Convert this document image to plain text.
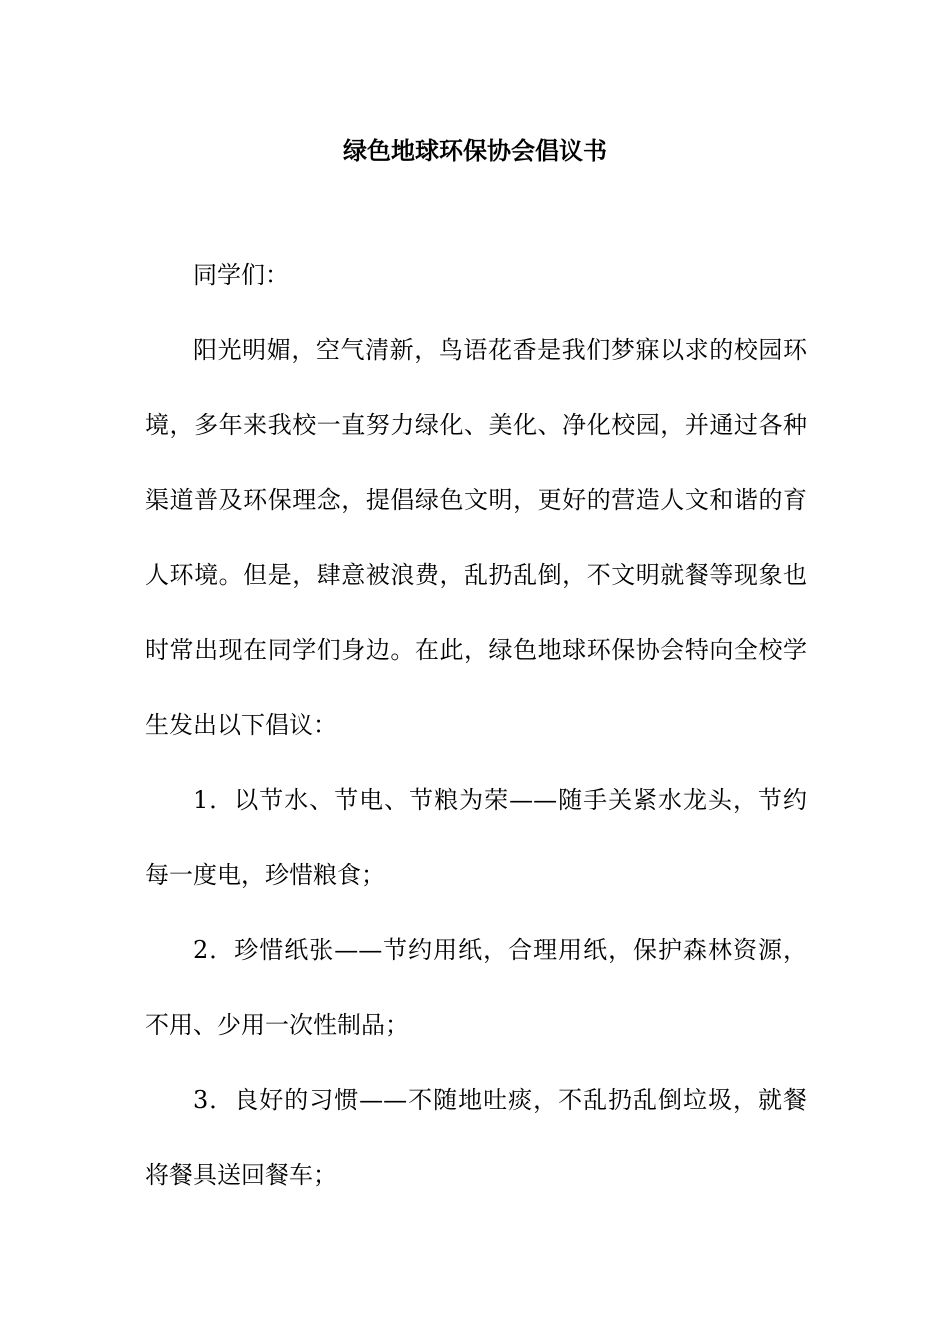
绿色地球环保协会倡议书

同学们：

阳光明媚，空气清新，鸟语花香是我们梦寐以求的校园环境，多年来我校一直努力绿化、美化、净化校园，并通过各种渠道普及环保理念，提倡绿色文明，更好的营造人文和谐的育人环境。但是，肆意被浪费，乱扔乱倒，不文明就餐等现象也时常出现在同学们身边。在此，绿色地球环保协会特向全校学生发出以下倡议：

1．以节水、节电、节粮为荣——随手关紧水龙头，节约每一度电，珍惜粮食；

2．珍惜纸张——节约用纸，合理用纸，保护森林资源，不用、少用一次性制品；

3．良好的习惯——不随地吐痰，不乱扔乱倒垃圾，就餐将餐具送回餐车；
